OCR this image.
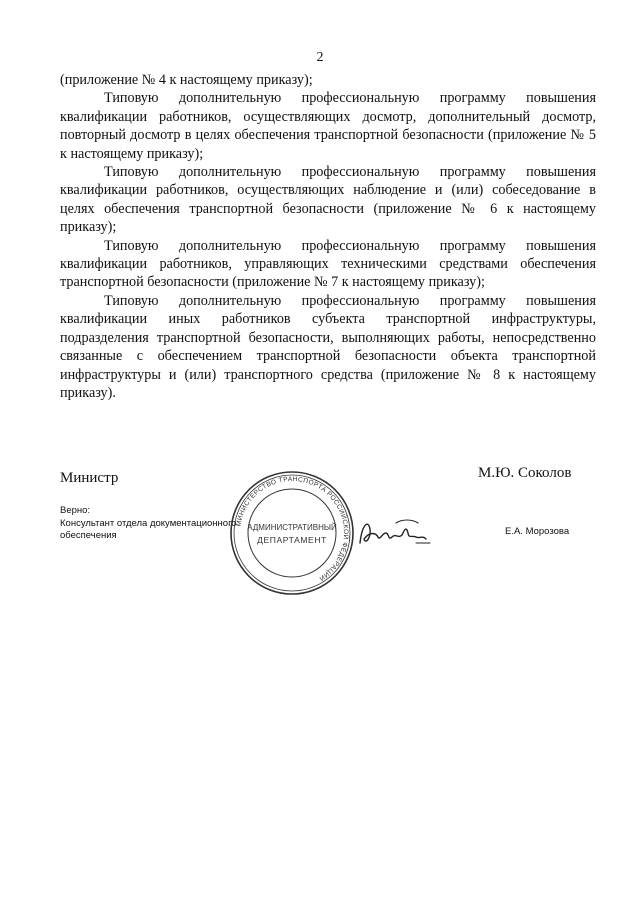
2

(приложение № 4 к настоящему приказу);

Типовую дополнительную профессиональную программу повышения квалификации работников, осуществляющих досмотр, дополнительный досмотр, повторный досмотр в целях обеспечения транспортной безопасности (приложение № 5 к настоящему приказу);

Типовую дополнительную профессиональную программу повышения квалификации работников, осуществляющих наблюдение и (или) собеседование в целях обеспечения транспортной безопасности (приложение № 6 к настоящему приказу);

Типовую дополнительную профессиональную программу повышения квалификации работников, управляющих техническими средствами обеспечения транспортной безопасности (приложение № 7 к настоящему приказу);

Типовую дополнительную профессиональную программу повышения квалификации иных работников субъекта транспортной инфраструктуры, подразделения транспортной безопасности, выполняющих работы, непосредственно связанные с обеспечением транспортной безопасности объекта транспортной инфраструктуры и (или) транспортного средства (приложение № 8 к настоящему приказу).

Министр	М.Ю. Соколов
Верно:
Консультант отдела документационного
обеспечения	Е.А. Морозова
МИНИСТЕРСТВО ТРАНСПОРТА РОССИЙСКОЙ ФЕДЕРАЦИИ
АДМИНИСТРАТИВНЫЙ
ДЕПАРТАМЕНТ
